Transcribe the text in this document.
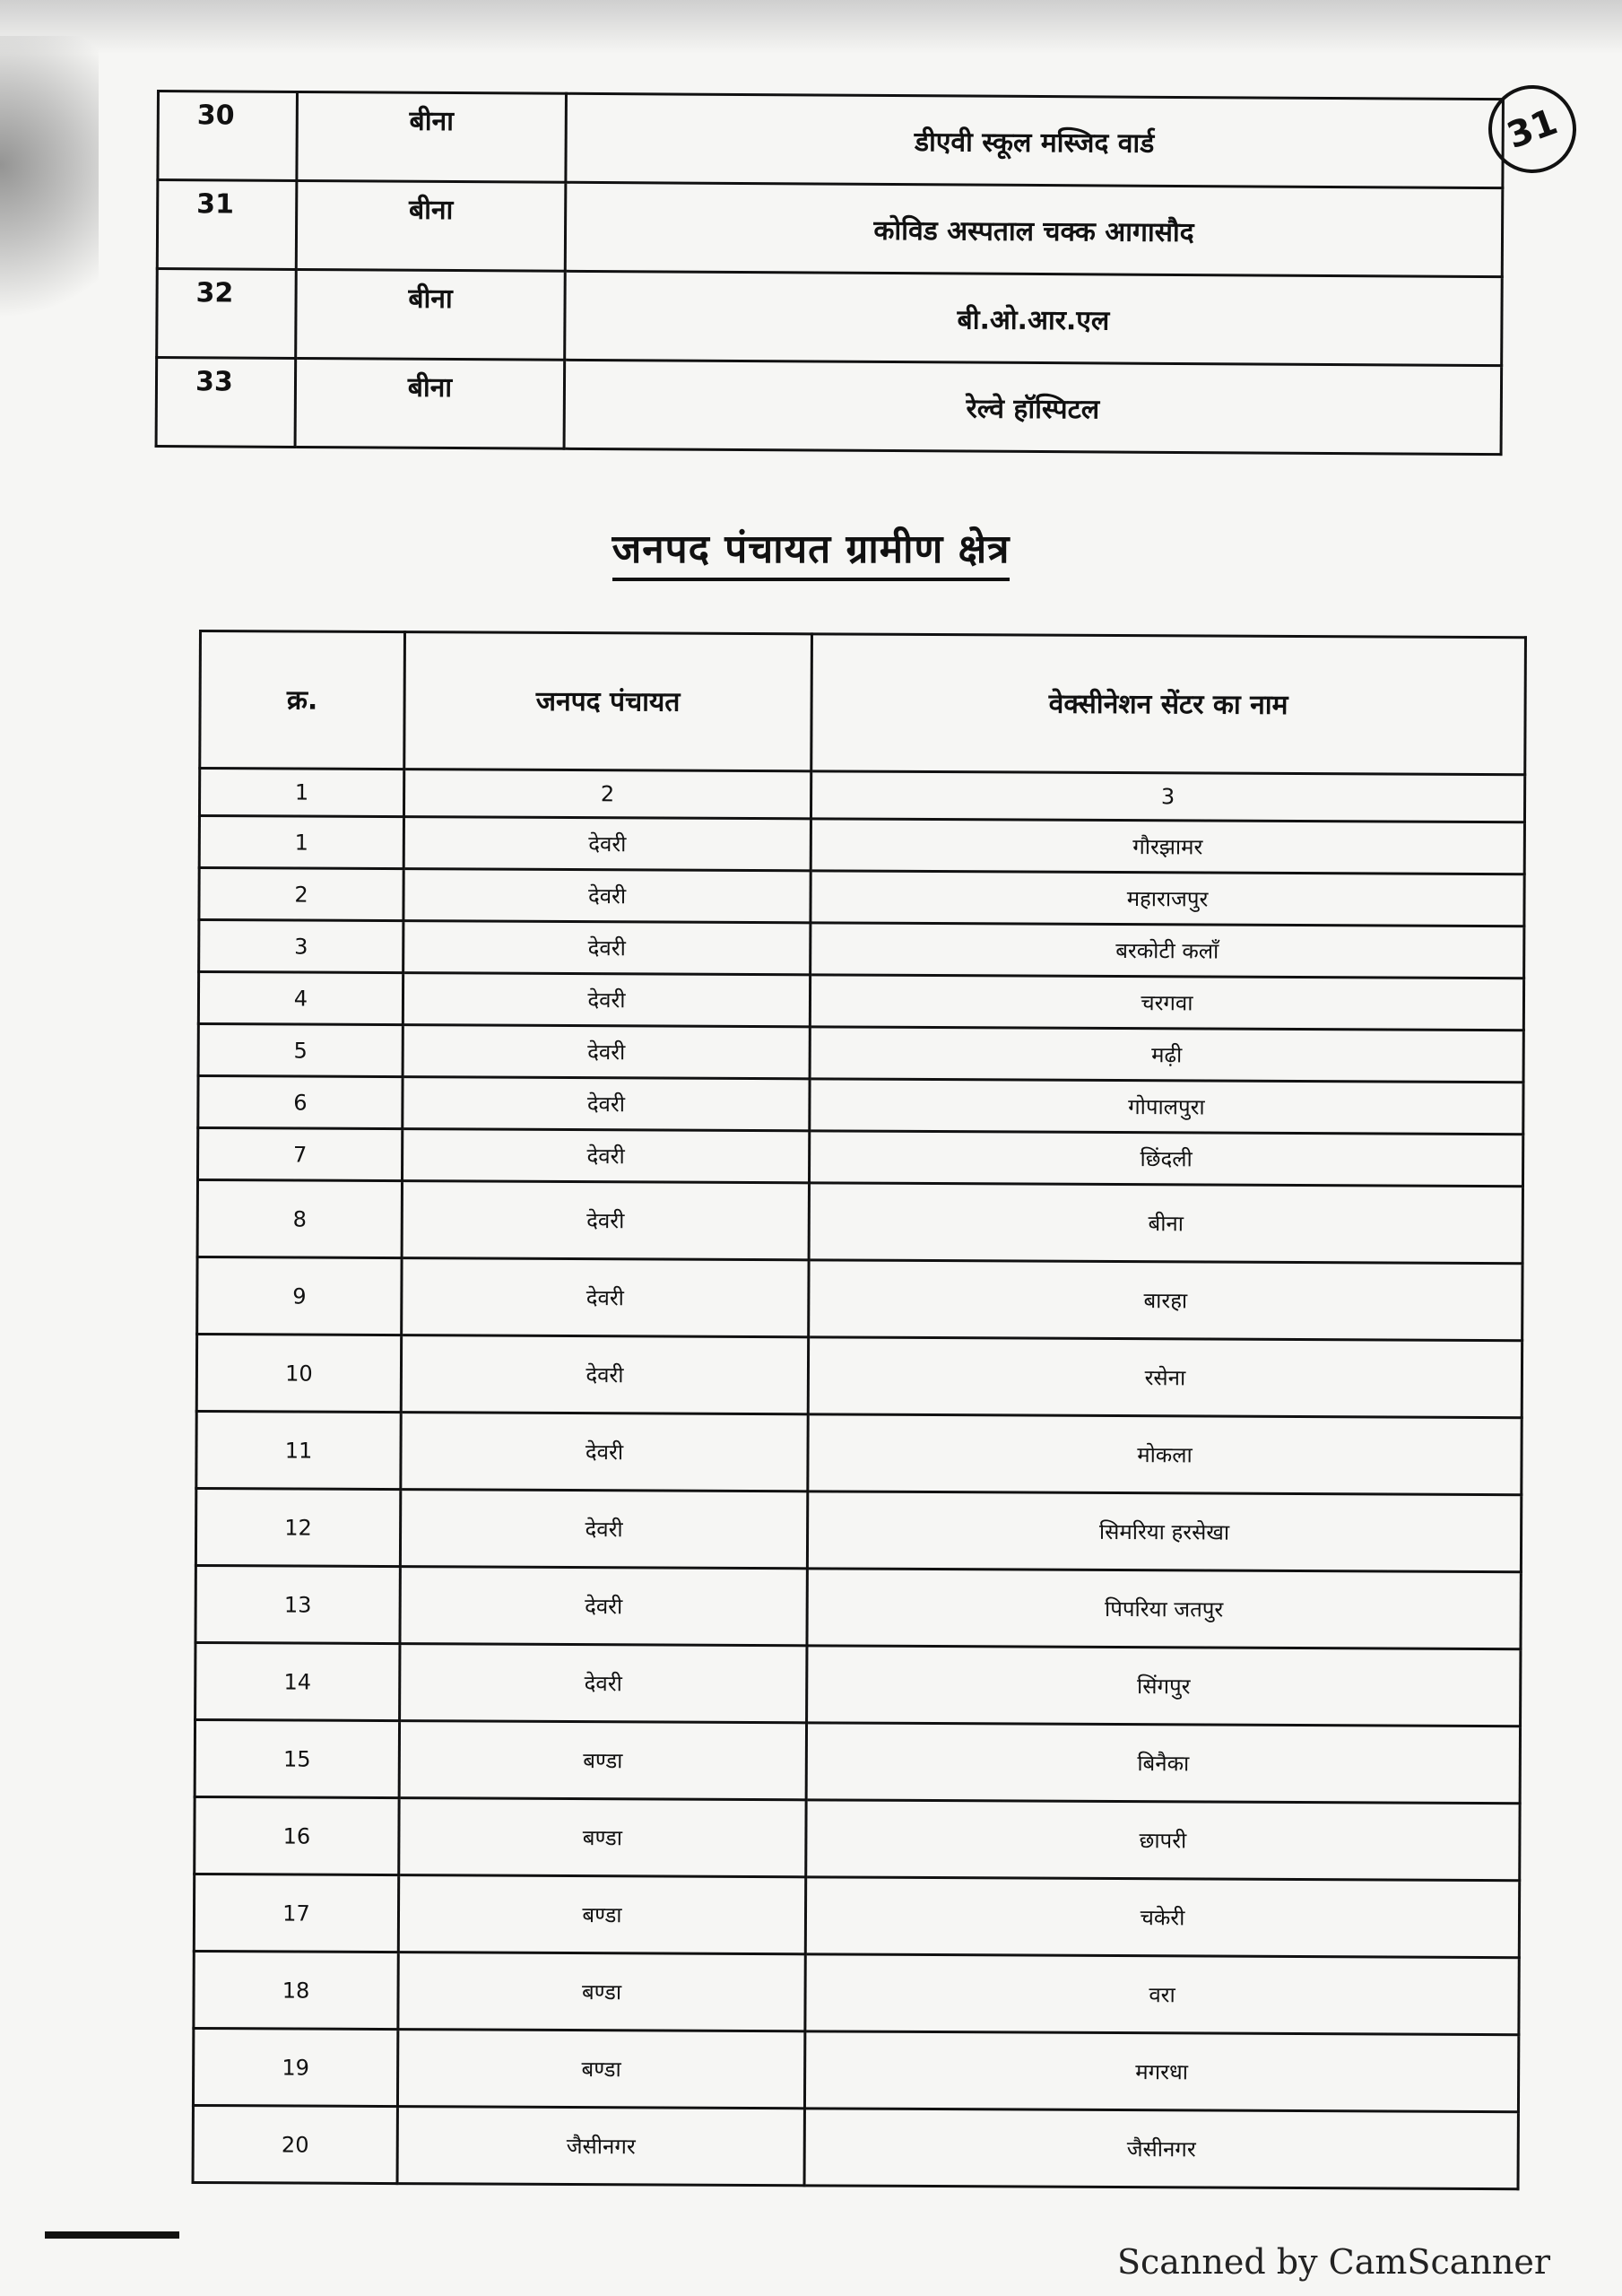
31
30	बीना	डीएवी स्कूल मस्जिद वार्ड
31	बीना	कोविड अस्पताल चक्क आगासौद
32	बीना	बी.ओ.आर.एल
33	बीना	रेल्वे हॉस्पिटल
जनपद पंचायत ग्रामीण क्षेत्र
क्र.	जनपद पंचायत	वेक्सीनेशन सेंटर का नाम
1	2	3
1	देवरी	गौरझामर
2	देवरी	महाराजपुर
3	देवरी	बरकोटी कलाँ
4	देवरी	चरगवा
5	देवरी	मढ़ी
6	देवरी	गोपालपुरा
7	देवरी	छिंदली
8	देवरी	बीना
9	देवरी	बारहा
10	देवरी	रसेना
11	देवरी	मोकला
12	देवरी	सिमरिया हरसेखा
13	देवरी	पिपरिया जतपुर
14	देवरी	सिंगपुर
15	बण्डा	बिनैका
16	बण्डा	छापरी
17	बण्डा	चकेरी
18	बण्डा	वरा
19	बण्डा	मगरधा
20	जैसीनगर	जैसीनगर
Scanned by CamScanner
